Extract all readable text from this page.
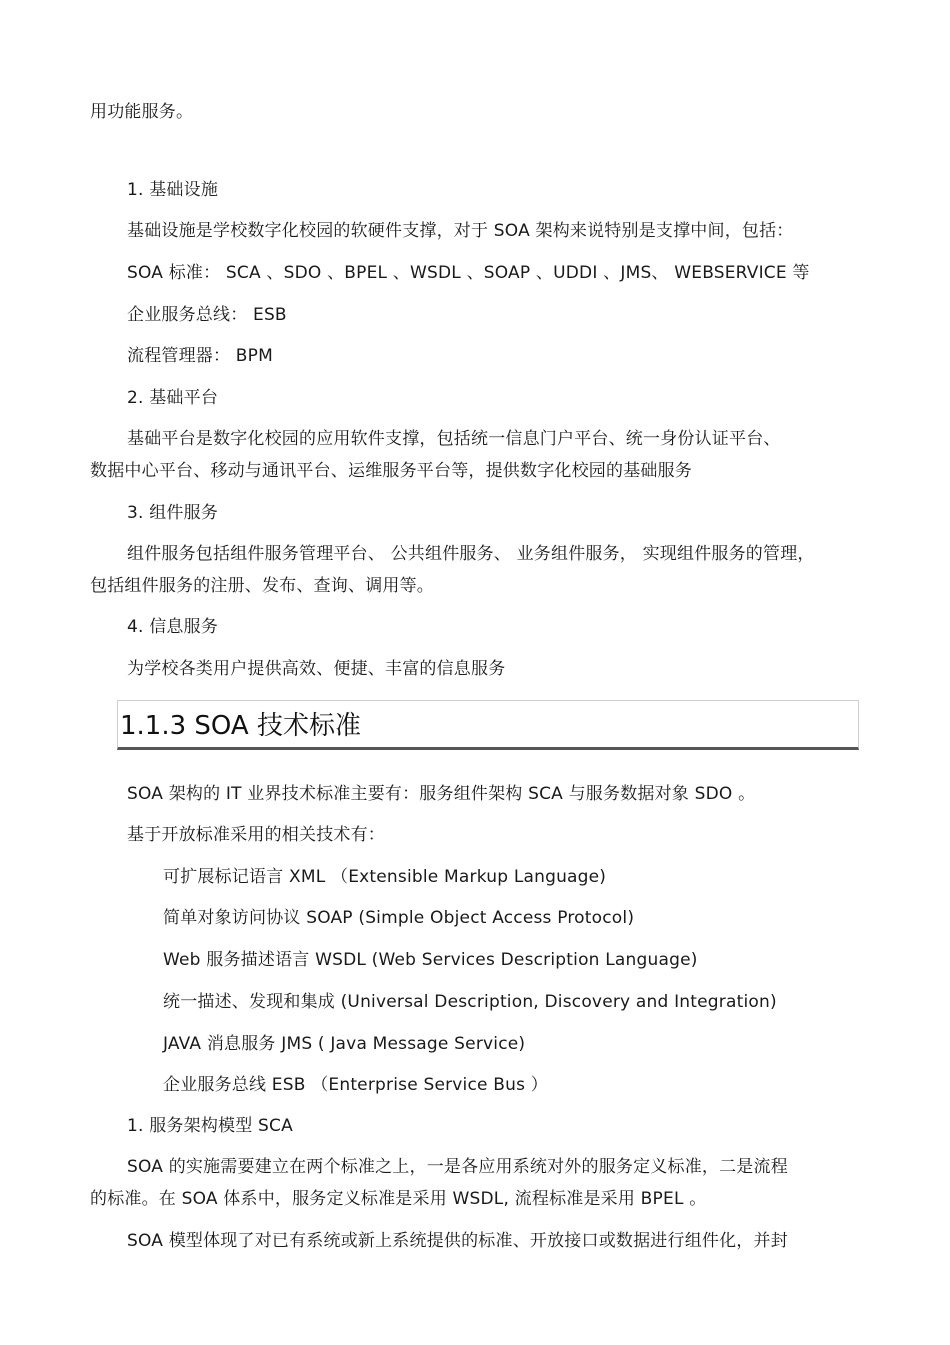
用功能服务。
1. 基础设施
基础设施是学校数字化校园的软硬件支撑，对于 SOA 架构来说特别是支撑中间，包括：
SOA 标准： SCA 、SDO 、BPEL 、WSDL 、SOAP 、UDDI 、JMS、 WEBSERVICE 等
企业服务总线： ESB
流程管理器： BPM
2. 基础平台
基础平台是数字化校园的应用软件支撑，包括统一信息门户平台、统一身份认证平台、
数据中心平台、移动与通讯平台、运维服务平台等，提供数字化校园的基础服务
3. 组件服务
组件服务包括组件服务管理平台、 公共组件服务、 业务组件服务， 实现组件服务的管理，
包括组件服务的注册、发布、查询、调用等。
4. 信息服务
为学校各类用户提供高效、便捷、丰富的信息服务
1.1.3 SOA 技术标准
SOA 架构的 IT 业界技术标准主要有：服务组件架构 SCA 与服务数据对象 SDO 。
基于开放标准采用的相关技术有：
可扩展标记语言 XML （Extensible Markup Language)
简单对象访问协议 SOAP (Simple Object Access Protocol)
Web 服务描述语言 WSDL (Web Services Description Language)
统一描述、发现和集成 (Universal Description, Discovery and Integration)
JAVA 消息服务 JMS ( Java Message Service)
企业服务总线 ESB （Enterprise Service Bus ）
1. 服务架构模型 SCA
SOA 的实施需要建立在两个标准之上，一是各应用系统对外的服务定义标准，二是流程
的标准。在 SOA 体系中，服务定义标准是采用 WSDL, 流程标准是采用 BPEL 。
SOA 模型体现了对已有系统或新上系统提供的标准、开放接口或数据进行组件化，并封
